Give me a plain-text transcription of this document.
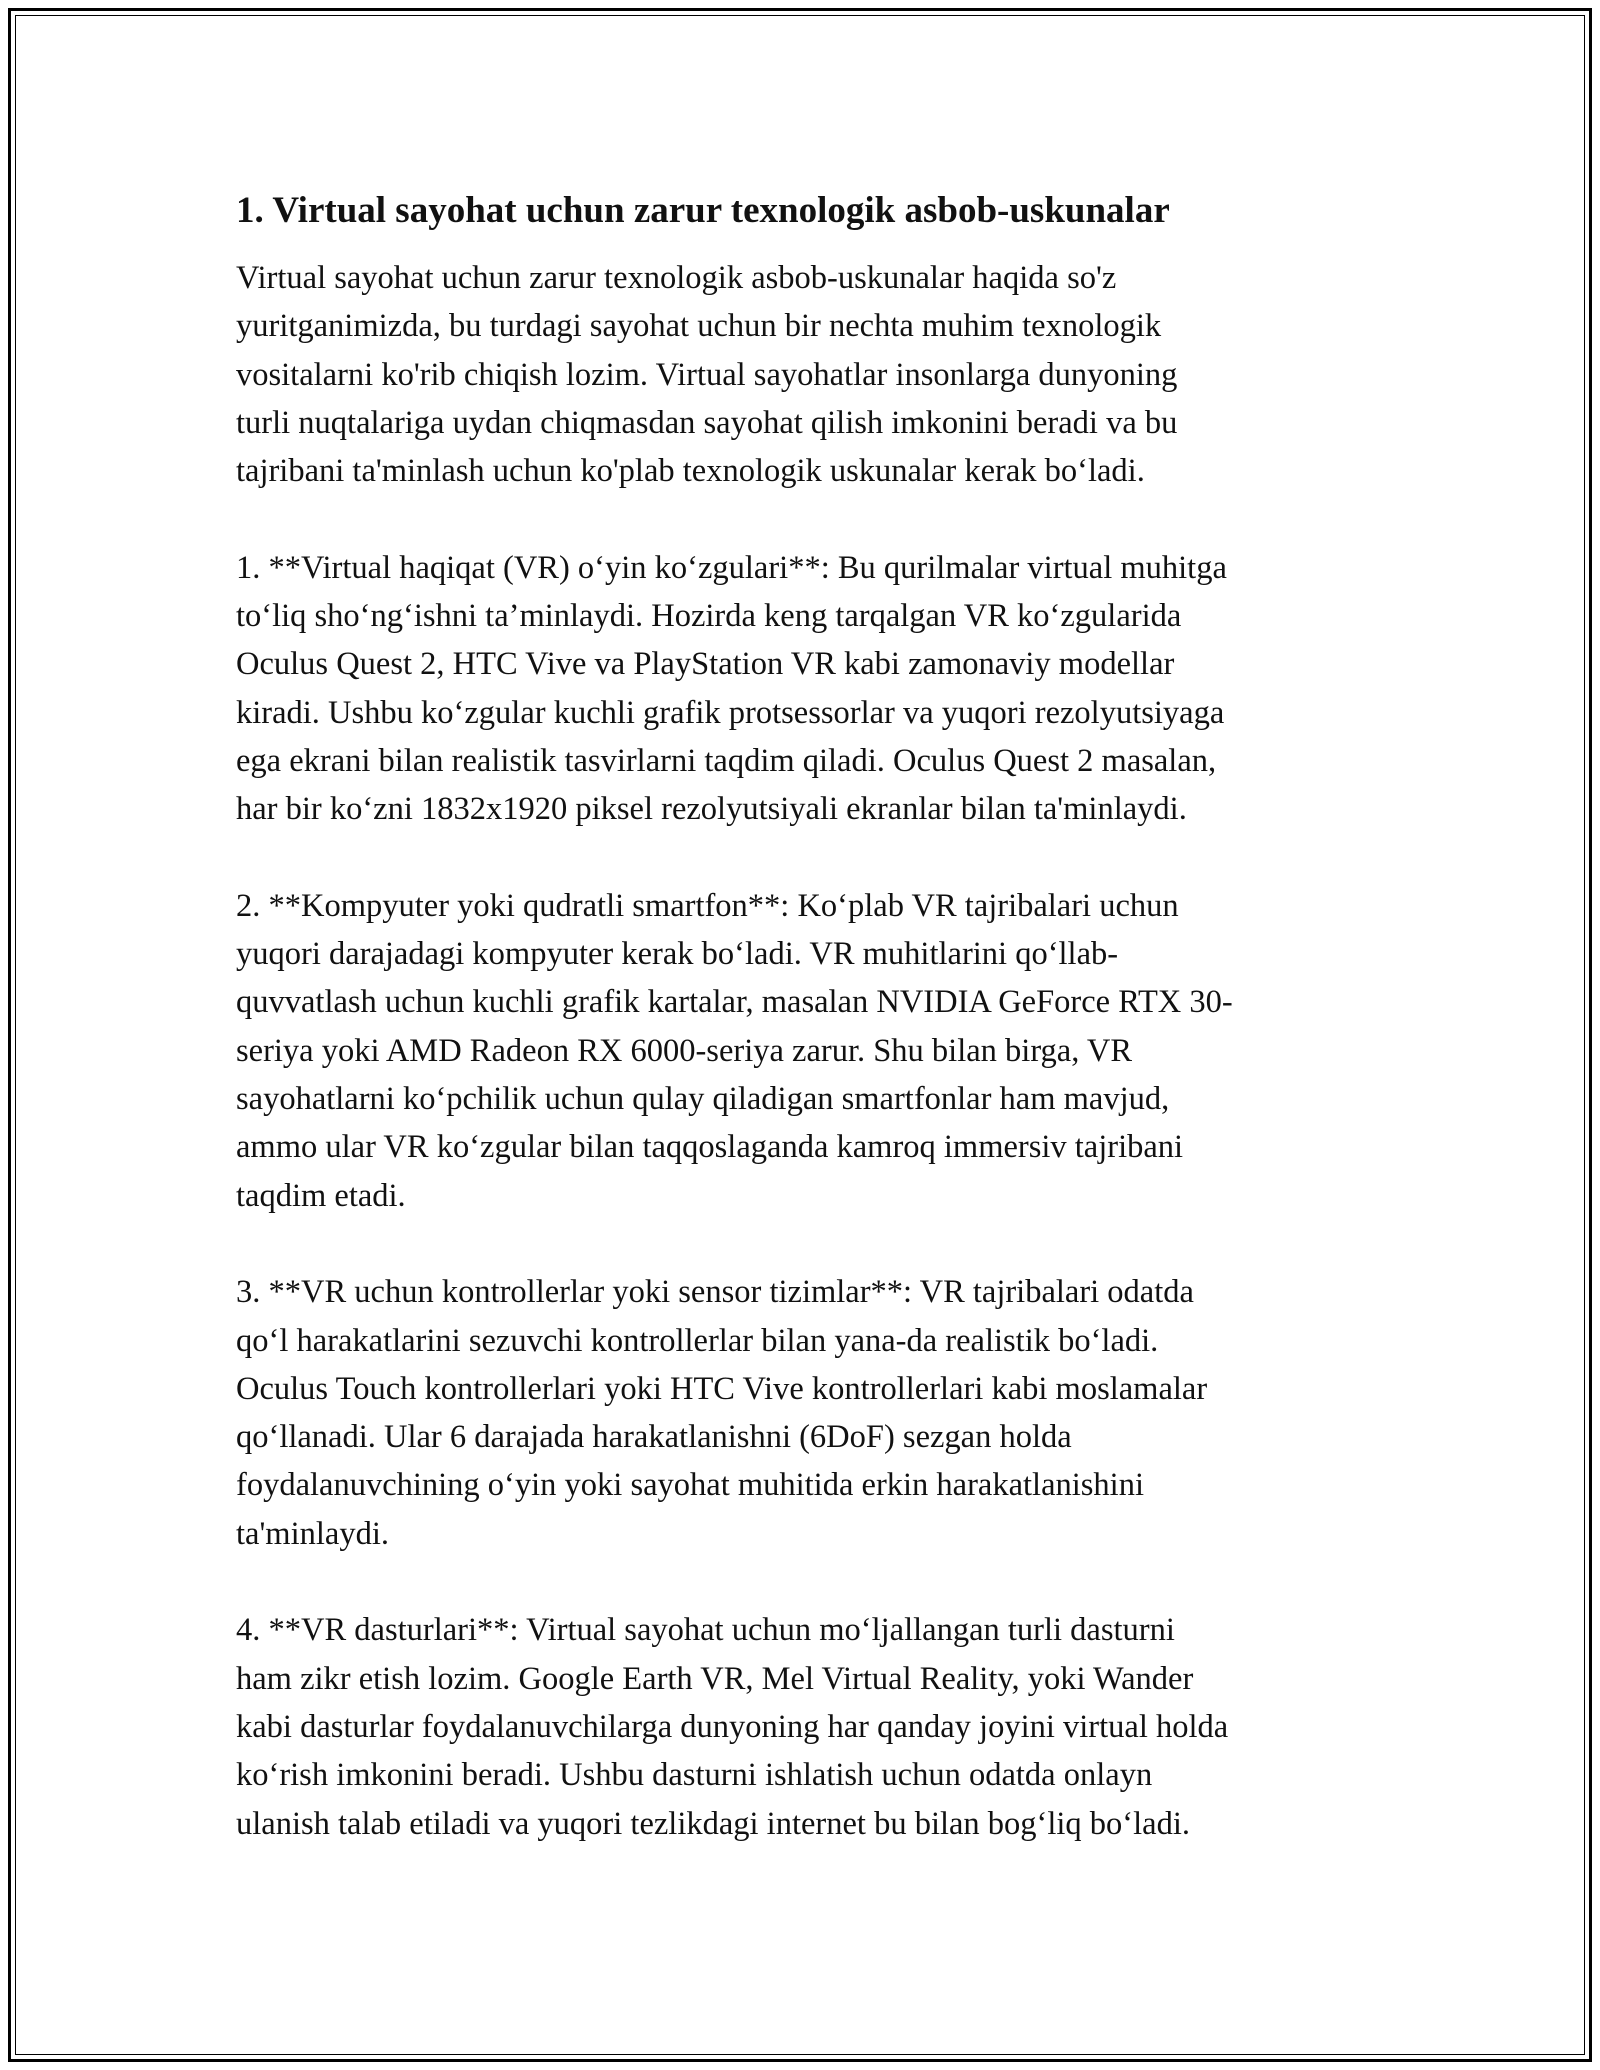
1. Virtual sayohat uchun zarur texnologik asbob-uskunalar
Virtual sayohat uchun zarur texnologik asbob-uskunalar haqida so'z
yuritganimizda, bu turdagi sayohat uchun bir nechta muhim texnologik
vositalarni ko'rib chiqish lozim. Virtual sayohatlar insonlarga dunyoning
turli nuqtalariga uydan chiqmasdan sayohat qilish imkonini beradi va bu
tajribani ta'minlash uchun ko'plab texnologik uskunalar kerak bo‘ladi.
1. **Virtual haqiqat (VR) o‘yin ko‘zgulari**: Bu qurilmalar virtual muhitga
to‘liq sho‘ng‘ishni ta’minlaydi. Hozirda keng tarqalgan VR ko‘zgularida
Oculus Quest 2, HTC Vive va PlayStation VR kabi zamonaviy modellar
kiradi. Ushbu ko‘zgular kuchli grafik protsessorlar va yuqori rezolyutsiyaga
ega ekrani bilan realistik tasvirlarni taqdim qiladi. Oculus Quest 2 masalan,
har bir ko‘zni 1832x1920 piksel rezolyutsiyali ekranlar bilan ta'minlaydi.
2. **Kompyuter yoki qudratli smartfon**: Ko‘plab VR tajribalari uchun
yuqori darajadagi kompyuter kerak bo‘ladi. VR muhitlarini qo‘llab-
quvvatlash uchun kuchli grafik kartalar, masalan NVIDIA GeForce RTX 30-
seriya yoki AMD Radeon RX 6000-seriya zarur. Shu bilan birga, VR
sayohatlarni ko‘pchilik uchun qulay qiladigan smartfonlar ham mavjud,
ammo ular VR ko‘zgular bilan taqqoslaganda kamroq immersiv tajribani
taqdim etadi.
3. **VR uchun kontrollerlar yoki sensor tizimlar**: VR tajribalari odatda
qo‘l harakatlarini sezuvchi kontrollerlar bilan yana-da realistik bo‘ladi.
Oculus Touch kontrollerlari yoki HTC Vive kontrollerlari kabi moslamalar
qo‘llanadi. Ular 6 darajada harakatlanishni (6DoF) sezgan holda
foydalanuvchining o‘yin yoki sayohat muhitida erkin harakatlanishini
ta'minlaydi.
4. **VR dasturlari**: Virtual sayohat uchun mo‘ljallangan turli dasturni
ham zikr etish lozim. Google Earth VR, Mel Virtual Reality, yoki Wander
kabi dasturlar foydalanuvchilarga dunyoning har qanday joyini virtual holda
ko‘rish imkonini beradi. Ushbu dasturni ishlatish uchun odatda onlayn
ulanish talab etiladi va yuqori tezlikdagi internet bu bilan bog‘liq bo‘ladi.
